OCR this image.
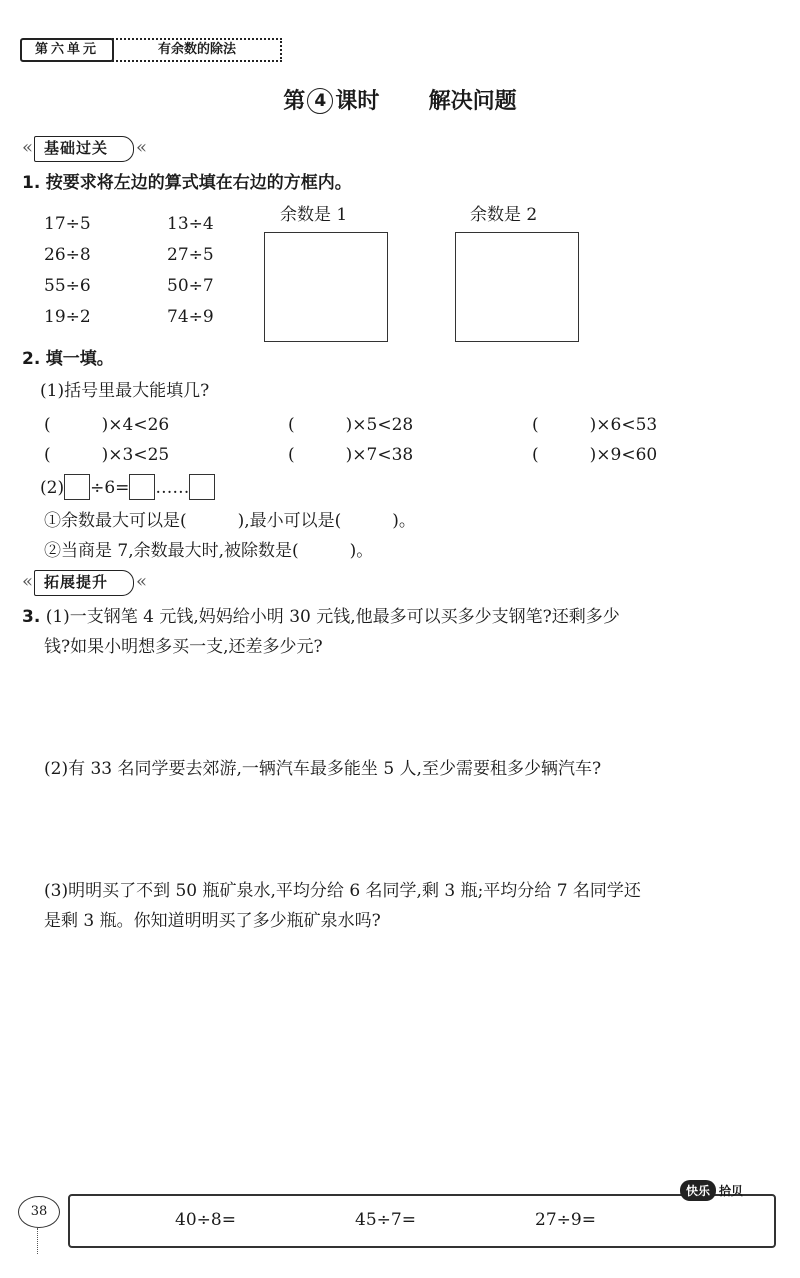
第六单元	有余数的除法
第 4 课时 解决问题
« 基础过关 «
1. 按要求将左边的算式填在右边的方框内。
17÷5
26÷8
55÷6
19÷2
13÷4
27÷5
50÷7
74÷9
余数是 1	余数是 2
2. 填一填。
(1)括号里最大能填几?
(　　　)×4<26	(　　　)×5<28	(　　　)×6<53
(　　　)×3<25	(　　　)×7<38	(　　　)×9<60
(2) ÷6= ……
①余数最大可以是(　　　),最小可以是(　　　)。
②当商是 7,余数最大时,被除数是(　　　)。
« 拓展提升 «
3. (1)一支钢笔 4 元钱,妈妈给小明 30 元钱,他最多可以买多少支钢笔?还剩多少
钱?如果小明想多买一支,还差多少元?
(2)有 33 名同学要去郊游,一辆汽车最多能坐 5 人,至少需要租多少辆汽车?
(3)明明买了不到 50 瓶矿泉水,平均分给 6 名同学,剩 3 瓶;平均分给 7 名同学还
是剩 3 瓶。你知道明明买了多少瓶矿泉水吗?
38
快乐 拾贝
40÷8=	45÷7=	27÷9=
